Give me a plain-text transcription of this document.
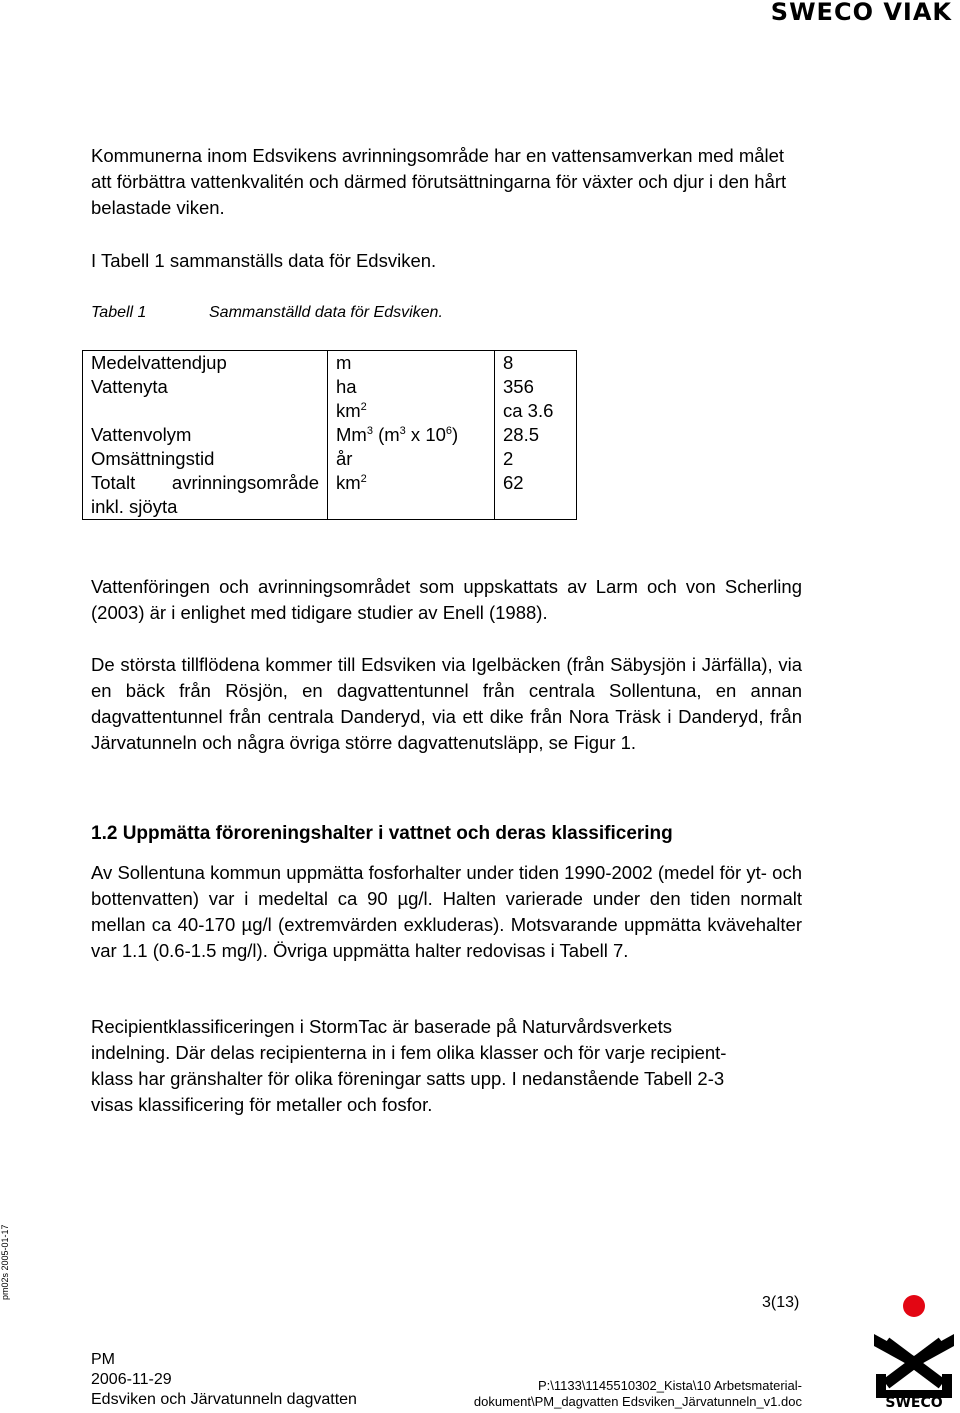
SWECO VIAK

Kommunerna inom Edsvikens avrinningsområde har en vattensamverkan med målet att förbättra vattenkvalitén och därmed förutsättningarna för växter och djur i den hårt belastade viken.

I Tabell 1 sammanställs data för Edsviken.

Tabell 1	Sammanställd data för Edsviken.
Medelvattendjup	m	8
Vattenyta	ha	356
	$km^2$	ca 3.6
Vattenvolym	Mm$^3$ ($m^3$ x $10^6$)	28.5
Omsättningstid	år	2

Totalt avrinningsområde
inkl. sjöyta	$km^2$	62

Vattenföringen och avrinningsområdet som uppskattats av Larm och von Scherling (2003) är i enlighet med tidigare studier av Enell (1988).

De största tillflödena kommer till Edsviken via Igelbäcken (från Säbysjön i Järfälla), via en bäck från Rösjön, en dagvattentunnel från centrala Sollentuna, en annan dagvattentunnel från centrala Danderyd, via ett dike från Nora Träsk i Danderyd, från Järvatunneln och några övriga större dagvattenutsläpp, se Figur 1.

1.2 Uppmätta föroreningshalter i vattnet och deras klassificering

Av Sollentuna kommun uppmätta fosforhalter under tiden 1990-2002 (medel för yt- och bottenvatten) var i medeltal ca 90 µg/l. Halten varierade under den tiden normalt mellan ca 40-170 µg/l (extremvärden exkluderas). Motsvarande uppmätta kvävehalter var 1.1 (0.6-1.5 mg/l). Övriga uppmätta halter redovisas i Tabell 7.

Recipientklassificeringen i StormTac är baserade på Naturvårdsverkets
indelning. Där delas recipienterna in i fem olika klasser och för varje recipient-
klass har gränshalter för olika föreningar satts upp. I nedanstående Tabell 2-3
visas klassificering för metaller och fosfor.
pm02s 2005-01-17
3(13)
PM
2006-11-29
Edsviken och Järvatunneln dagvatten
P:\1133\1145510302_Kista\10 Arbetsmaterial-
dokument\PM_dagvatten Edsviken_Järvatunneln_v1.doc	SWECO
